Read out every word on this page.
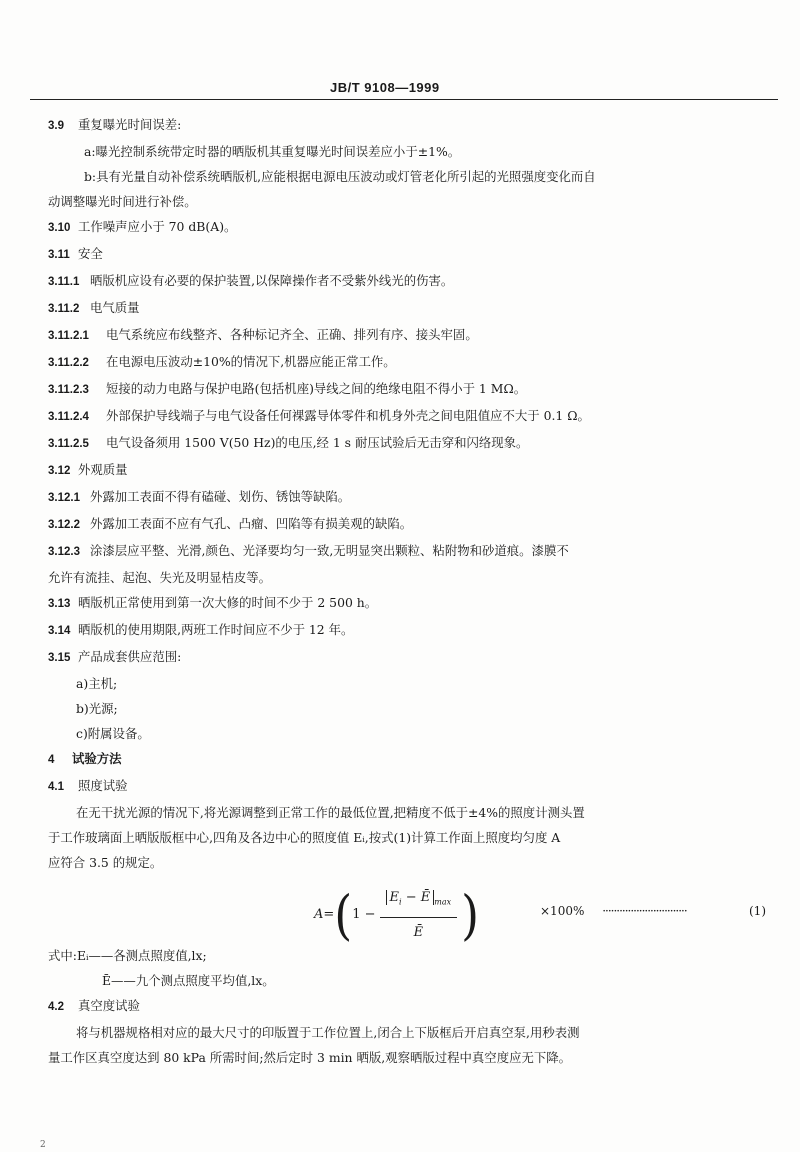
JB/T 9108—1999
3.9 重复曝光时间误差:
a:曝光控制系统带定时器的晒版机其重复曝光时间误差应小于±1%。
b:具有光量自动补偿系统晒版机,应能根据电源电压波动或灯管老化所引起的光照强度变化而自
动调整曝光时间进行补偿。
3.10 工作噪声应小于 70 dB(A)。
3.11 安全
3.11.1 晒版机应设有必要的保护装置,以保障操作者不受紫外线光的伤害。
3.11.2 电气质量
3.11.2.1 电气系统应布线整齐、各种标记齐全、正确、排列有序、接头牢固。
3.11.2.2 在电源电压波动±10%的情况下,机器应能正常工作。
3.11.2.3 短接的动力电路与保护电路(包括机座)导线之间的绝缘电阻不得小于 1 MΩ。
3.11.2.4 外部保护导线端子与电气设备任何裸露导体零件和机身外壳之间电阻值应不大于 0.1 Ω。
3.11.2.5 电气设备须用 1500 V(50 Hz)的电压,经 1 s 耐压试验后无击穿和闪络现象。
3.12 外观质量
3.12.1 外露加工表面不得有磕碰、划伤、锈蚀等缺陷。
3.12.2 外露加工表面不应有气孔、凸瘤、凹陷等有损美观的缺陷。
3.12.3 涂漆层应平整、光滑,颜色、光泽要均匀一致,无明显突出颗粒、粘附物和砂道痕。漆膜不
允许有流挂、起泡、失光及明显桔皮等。
3.13 晒版机正常使用到第一次大修的时间不少于 2 500 h。
3.14 晒版机的使用期限,两班工作时间应不少于 12 年。
3.15 产品成套供应范围:
a)主机;
b)光源;
c)附属设备。
4 试验方法
4.1 照度试验
在无干扰光源的情况下,将光源调整到正常工作的最低位置,把精度不低于±4%的照度计测头置
于工作玻璃面上晒版版框中心,四角及各边中心的照度值 Eᵢ,按式(1)计算工作面上照度均匀度 A
应符合 3.5 的规定。
A= ( $1 - \frac{E_i - Ē _{max}}{Ē}$ )	×100% ······························	(1)
式中:Eᵢ——各测点照度值,lx;
Ē——九个测点照度平均值,lx。
4.2 真空度试验
将与机器规格相对应的最大尺寸的印版置于工作位置上,闭合上下版框后开启真空泵,用秒表测
量工作区真空度达到 80 kPa 所需时间;然后定时 3 min 晒版,观察晒版过程中真空度应无下降。
2
